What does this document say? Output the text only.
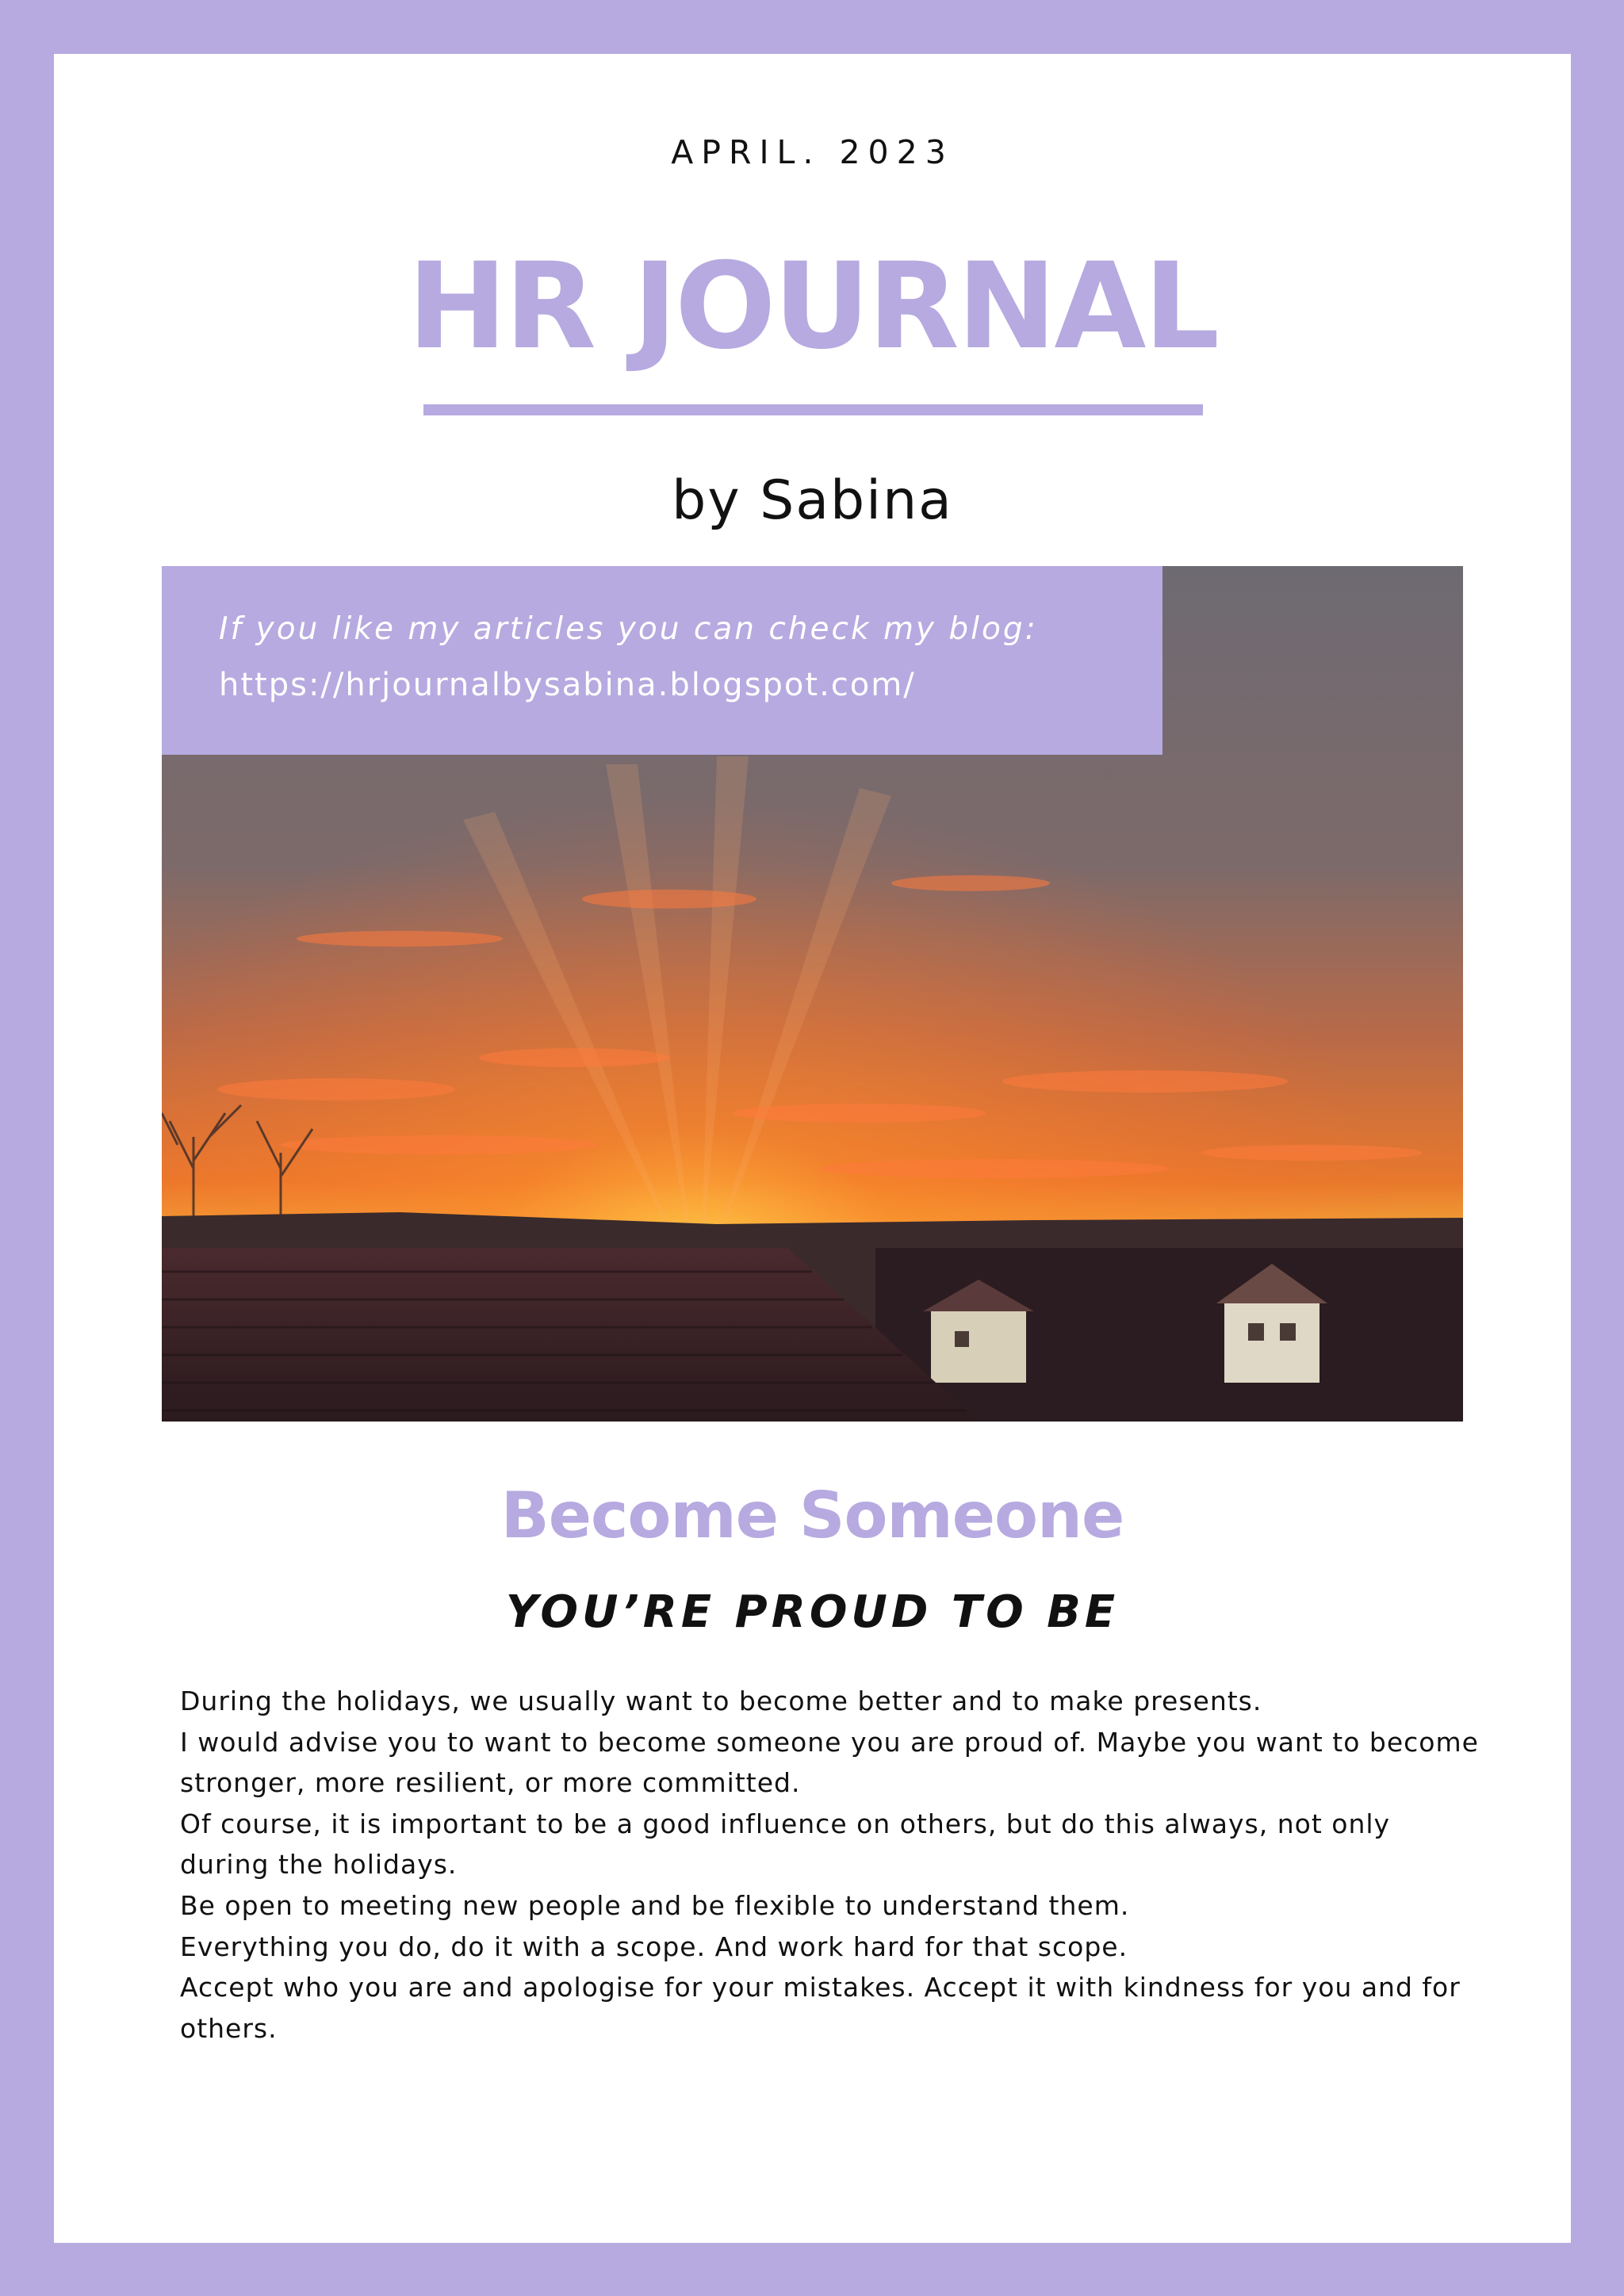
APRIL. 2023
HR JOURNAL
by Sabina
If you like my articles you can check my blog:
https://hrjournalbysabina.blogspot.com/
Become Someone
YOU’RE PROUD TO BE

During the holidays, we usually want to become better and to make presents.

I would advise you to want to become someone you are proud of. Maybe you want to become stronger, more resilient, or more committed.

Of course, it is important to be a good influence on others, but do this always, not only during the holidays.

Be open to meeting new people and be flexible to understand them.

Everything you do, do it with a scope. And work hard for that scope.

Accept who you are and apologise for your mistakes. Accept it with kindness for you and for others.
